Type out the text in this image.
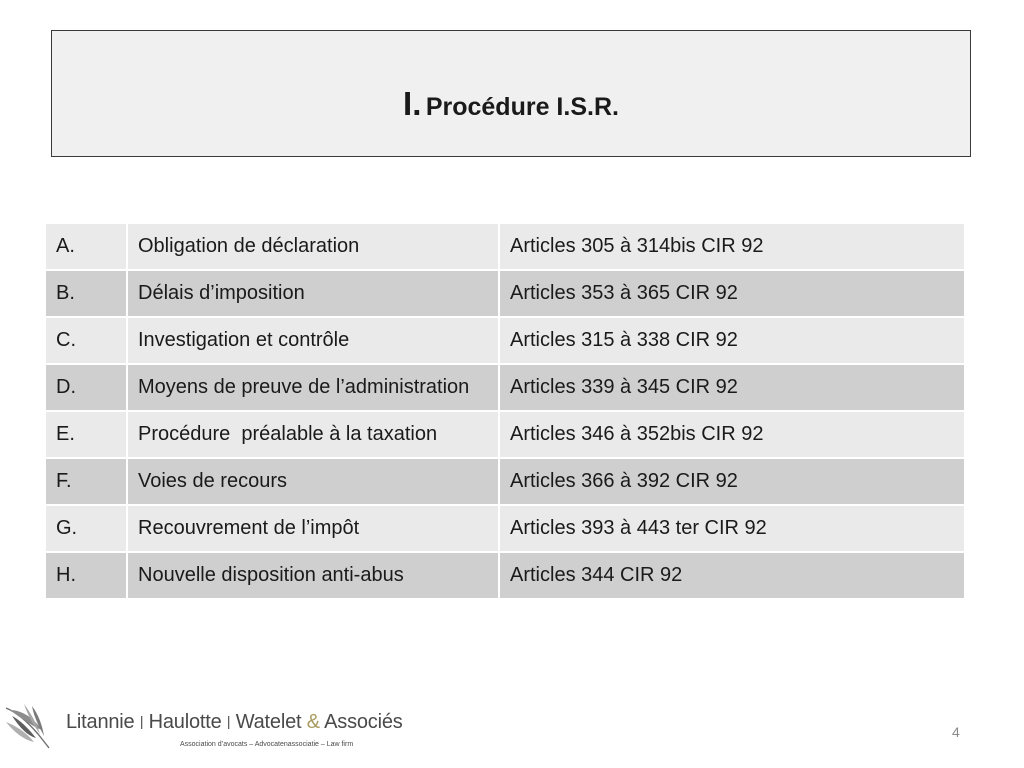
I. Procédure I.S.R.
A.	Obligation de déclaration	Articles 305 à 314bis CIR 92
B.	Délais d’imposition	Articles 353 à 365 CIR 92
C.	Investigation et contrôle	Articles 315 à 338 CIR 92
D.	Moyens de preuve de l’administration	Articles 339 à 345 CIR 92
E.	Procédure  préalable à la taxation	Articles 346 à 352bis CIR 92
F.	Voies de recours	Articles 366 à 392 CIR 92
G.	Recouvrement de l’impôt	Articles 393 à 443 ter CIR 92
H.	Nouvelle disposition anti-abus	Articles 344 CIR 92
Litannie | Haulotte | Watelet & Associés
Association d’avocats – Advocatenassociatie – Law firm
4
